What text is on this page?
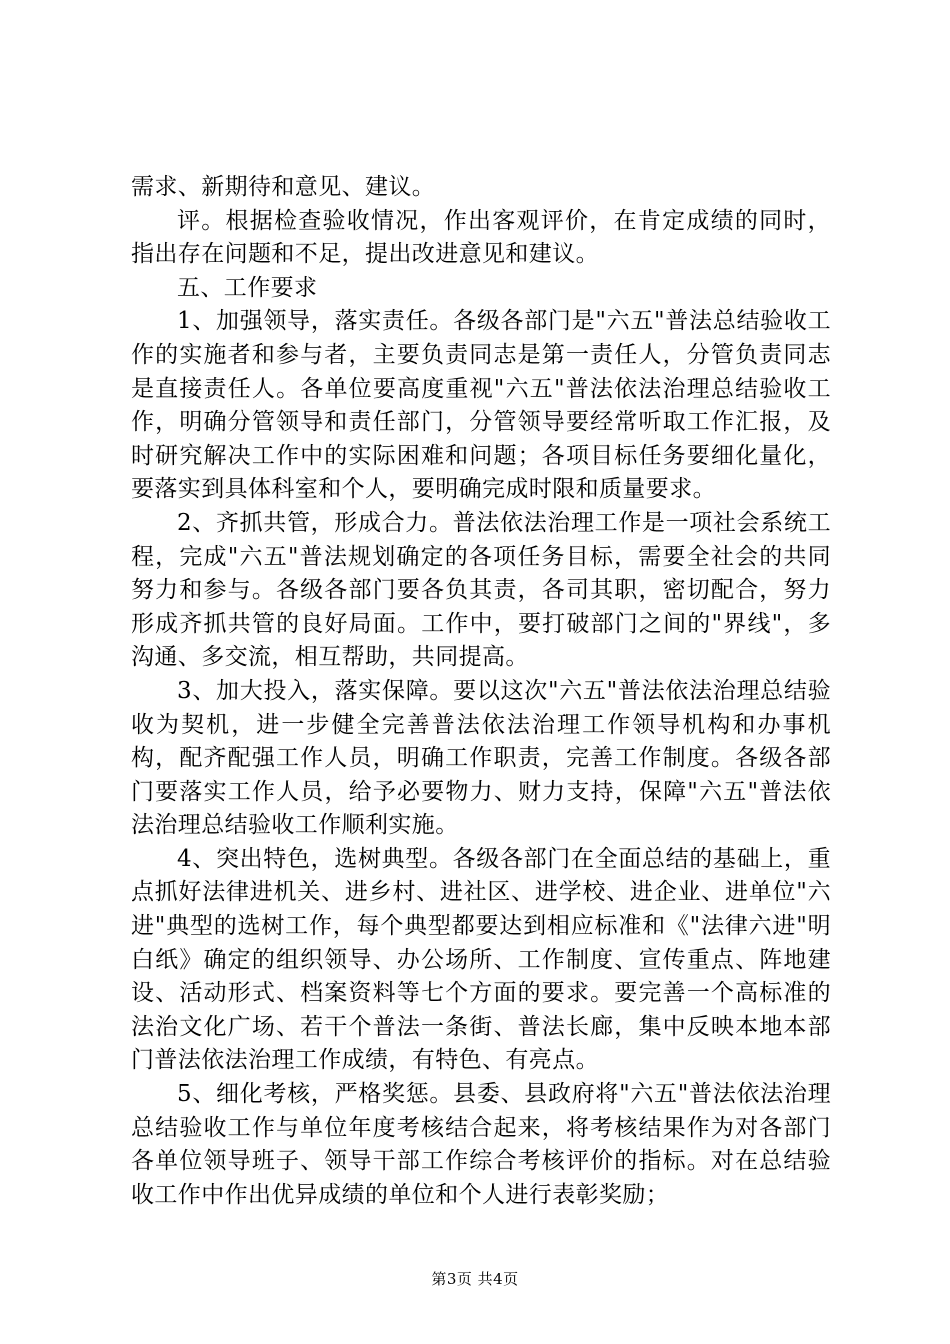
需求、新期待和意见、建议。

评。根据检查验收情况，作出客观评价，在肯定成绩的同时，指出存在问题和不足，提出改进意见和建议。

五、工作要求

1、加强领导，落实责任。各级各部门是"六五"普法总结验收工作的实施者和参与者，主要负责同志是第一责任人，分管负责同志是直接责任人。各单位要高度重视"六五"普法依法治理总结验收工作，明确分管领导和责任部门，分管领导要经常听取工作汇报，及时研究解决工作中的实际困难和问题；各项目标任务要细化量化，要落实到具体科室和个人，要明确完成时限和质量要求。

2、齐抓共管，形成合力。普法依法治理工作是一项社会系统工程，完成"六五"普法规划确定的各项任务目标，需要全社会的共同努力和参与。各级各部门要各负其责，各司其职，密切配合，努力形成齐抓共管的良好局面。工作中，要打破部门之间的"界线"，多沟通、多交流，相互帮助，共同提高。

3、加大投入，落实保障。要以这次"六五"普法依法治理总结验收为契机，进一步健全完善普法依法治理工作领导机构和办事机构，配齐配强工作人员，明确工作职责，完善工作制度。各级各部门要落实工作人员，给予必要物力、财力支持，保障"六五"普法依法治理总结验收工作顺利实施。

4、突出特色，选树典型。各级各部门在全面总结的基础上，重点抓好法律进机关、进乡村、进社区、进学校、进企业、进单位"六进"典型的选树工作，每个典型都要达到相应标准和《"法律六进"明白纸》确定的组织领导、办公场所、工作制度、宣传重点、阵地建设、活动形式、档案资料等七个方面的要求。要完善一个高标准的法治文化广场、若干个普法一条街、普法长廊，集中反映本地本部门普法依法治理工作成绩，有特色、有亮点。

5、细化考核，严格奖惩。县委、县政府将"六五"普法依法治理总结验收工作与单位年度考核结合起来，将考核结果作为对各部门各单位领导班子、领导干部工作综合考核评价的指标。对在总结验收工作中作出优异成绩的单位和个人进行表彰奖励；

第3页 共4页
